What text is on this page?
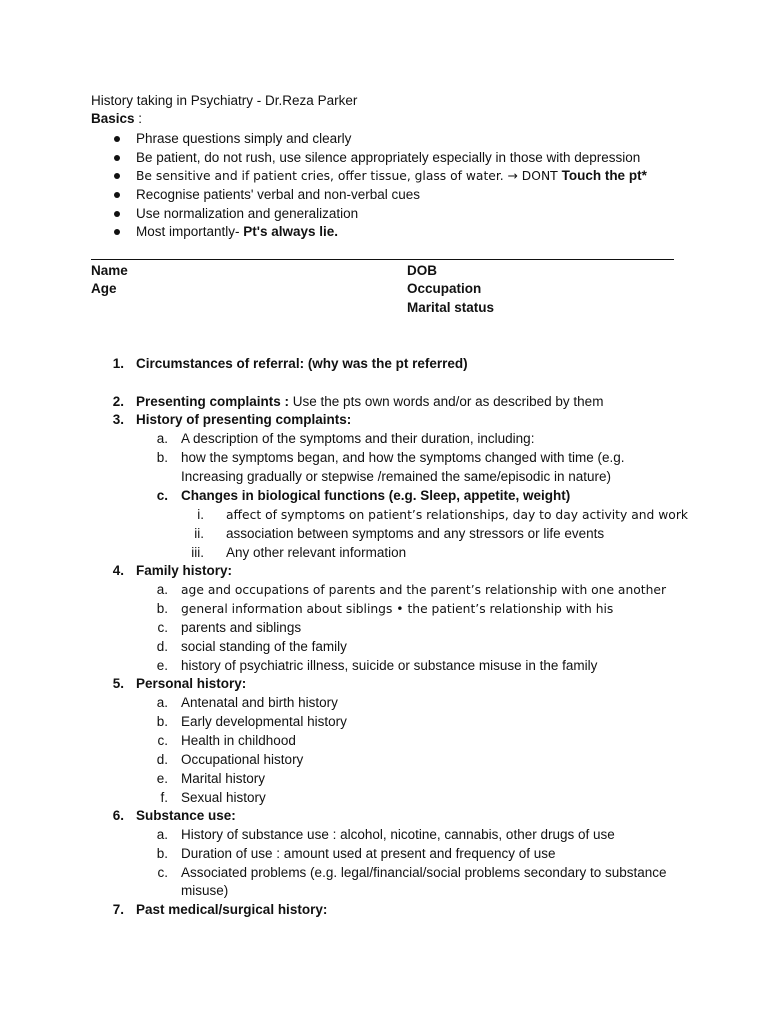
History taking in Psychiatry - Dr.Reza Parker
Basics :
Phrase questions simply and clearly
Be patient, do not rush, use silence appropriately especially in those with depression
Be sensitive and if patient cries, offer tissue, glass of water. → DONT Touch the pt*
Recognise patients' verbal and non-verbal cues
Use normalization and generalization
Most importantly- Pt's always lie.
Name
Age
DOB
Occupation
Marital status
1. Circumstances of referral: (why was the pt referred)
2. Presenting complaints : Use the pts own words and/or as described by them
3. History of presenting complaints:
a. A description of the symptoms and their duration, including:
b. how the symptoms began, and how the symptoms changed with time (e.g.
Increasing gradually or stepwise /remained the same/episodic in nature)
c. Changes in biological functions (e.g. Sleep, appetite, weight)
i. affect of symptoms on patient’s relationships, day to day activity and work
ii. association between symptoms and any stressors or life events
iii. Any other relevant information
4. Family history:
a. age and occupations of parents and the parent’s relationship with one another
b. general information about siblings • the patient’s relationship with his
c. parents and siblings
d. social standing of the family
e. history of psychiatric illness, suicide or substance misuse in the family
5. Personal history:
a. Antenatal and birth history
b. Early developmental history
c. Health in childhood
d. Occupational history
e. Marital history
f. Sexual history
6. Substance use:
a. History of substance use : alcohol, nicotine, cannabis, other drugs of use
b. Duration of use : amount used at present and frequency of use
c. Associated problems (e.g. legal/financial/social problems secondary to substance
misuse)
7. Past medical/surgical history:
